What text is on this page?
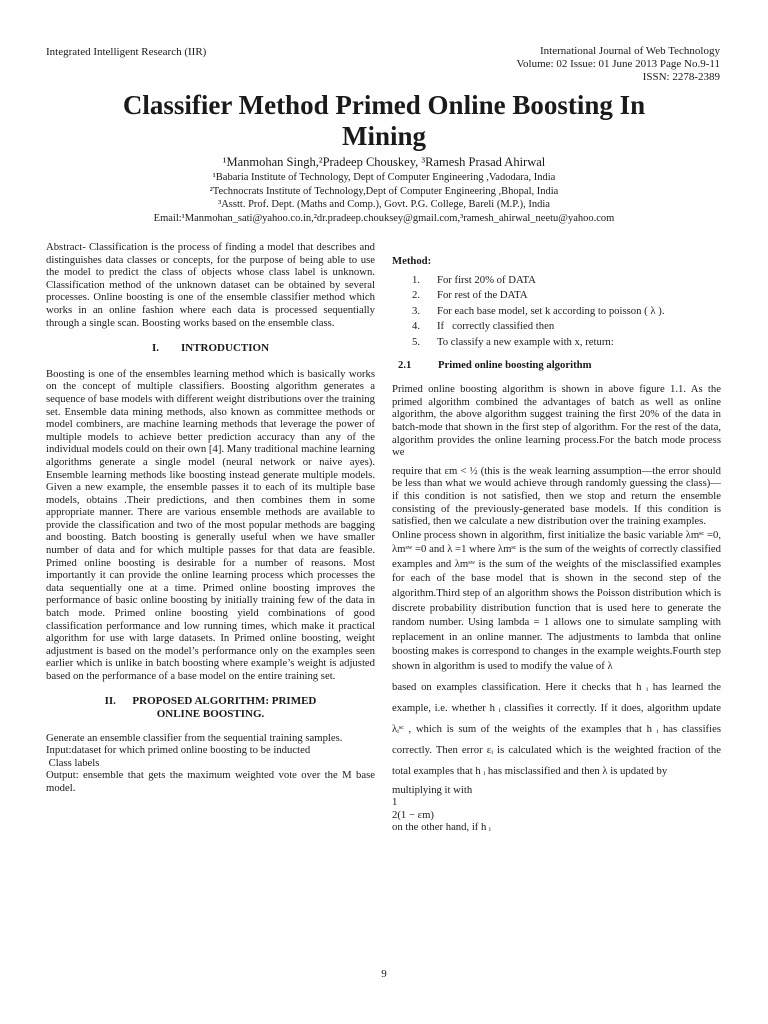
Integrated Intelligent Research (IIR)	International Journal of Web Technology
Volume: 02 Issue: 01 June 2013 Page No.9-11
ISSN: 2278-2389
Classifier Method Primed Online Boosting In
Mining
¹Manmohan Singh,²Pradeep Chouskey, ³Ramesh Prasad Ahirwal
¹Babaria Institute of Technology, Dept of Computer Engineering ,Vadodara, India
²Technocrats Institute of Technology,Dept of Computer Engineering ,Bhopal, India
³Asstt. Prof. Dept. (Maths and Comp.), Govt. P.G. College, Bareli (M.P.), India
Email:¹Manmohan_sati@yahoo.co.in,²dr.pradeep.chouksey@gmail.com,³ramesh_ahirwal_neetu@yahoo.com

Abstract- Classification is the process of finding a model that describes and distinguishes data classes or concepts, for the purpose of being able to use the model to predict the class of objects whose class label is unknown. Classification method of the unknown dataset can be obtained by several processes. Online boosting is one of the ensemble classifier method which works in an online fashion where each data is processed sequentially through a single scan. Boosting works based on the ensemble class.

I.        INTRODUCTION

Boosting is one of the ensembles learning method which is basically works on the concept of multiple classifiers. Boosting algorithm generates a sequence of base models with different weight distributions over the training set. Ensemble data mining methods, also known as committee methods or model combiners, are machine learning methods that leverage the power of multiple models to achieve better prediction accuracy than any of the individual models could on their own [4]. Many traditional machine learning algorithms generate a single model (neural network or naive ayes). Ensemble learning methods like boosting instead generate multiple models. Given a new example, the ensemble passes it to each of its multiple base models, obtains .Their predictions, and then combines them in some appropriate manner. There are various ensemble methods are available to provide the classification and two of the most popular methods are bagging and boosting. Batch boosting is generally useful when we have smaller number of data and for which multiple passes for that data are feasible. Primed online boosting is desirable for a number of reasons. Most importantly it can provide the online learning process which processes the data sequentially one at a time. Primed online boosting improves the performance of basic online boosting by initially training few of the data in batch mode. Primed online boosting yield combinations of good classification performance and low running times, which make it practical algorithm for use with large datasets. In Primed online boosting, weight adjustment is based on the model’s performance only on the examples seen earlier which is unlike in batch boosting where example’s weight is adjusted based on the performance of a base model on the entire training set.

II.      PROPOSED ALGORITHM: PRIMED
ONLINE BOOSTING.

Generate an ensemble classifier from the sequential training samples.

Input:dataset for which primed online boosting to be inducted

Class labels

Output: ensemble that gets the maximum weighted vote over the M base model.

Method:
1. For first 20% of DATA
2. For rest of the DATA
3. For each base model, set k according to poisson ( λ ).
4. If   correctly classified then
5. To classify a new example with x, return:
2.1 Primed online boosting algorithm

Primed online boosting algorithm is shown in above figure 1.1. As the primed algorithm combined the advantages of batch as well as online algorithm, the above algorithm suggest training the first 20% of the data in batch-mode that shown in the first step of algorithm. For the rest of the data, algorithm provides the online learning process.For the batch mode process we

require that εm < ½ (this is the weak learning assumption—the error should be less than what we would achieve through randomly guessing the class)—if this condition is not satisfied, then we stop and return the ensemble consisting of the previously-generated base models. If this condition is satisfied, then we calculate a new distribution over the training examples.

Online process shown in algorithm, first initialize the basic variable λmˢᶜ =0, λmˢʷ =0 and λ =1 where λmˢᶜ is the sum of the weights of correctly classified examples and λmˢʷ is the sum of the weights of the misclassified examples for each of the base model that is shown in the second step of the algorithm.Third step of an algorithm shows the Poisson distribution which is discrete probability distribution function that is used here to generate the random number. Using lambda = 1 allows one to simulate sampling with replacement in an online manner. The adjustments to lambda that online boosting makes is correspond to changes in the example weights.Fourth step shown in algorithm is used to modify the value of λ

based on examples classification. Here it checks that h ᵢ has learned the example, i.e. whether h ᵢ classifies it correctly. If it does, algorithm update λᵢˢᶜ , which is sum of the weights of the examples that h ᵢ has classifies correctly. Then error εᵢ is calculated which is the weighted fraction of the total examples that h ᵢ has misclassified and then λ is updated by

multiplying it with

1
2(1 − εm)
on the other hand, if h ᵢ

9
